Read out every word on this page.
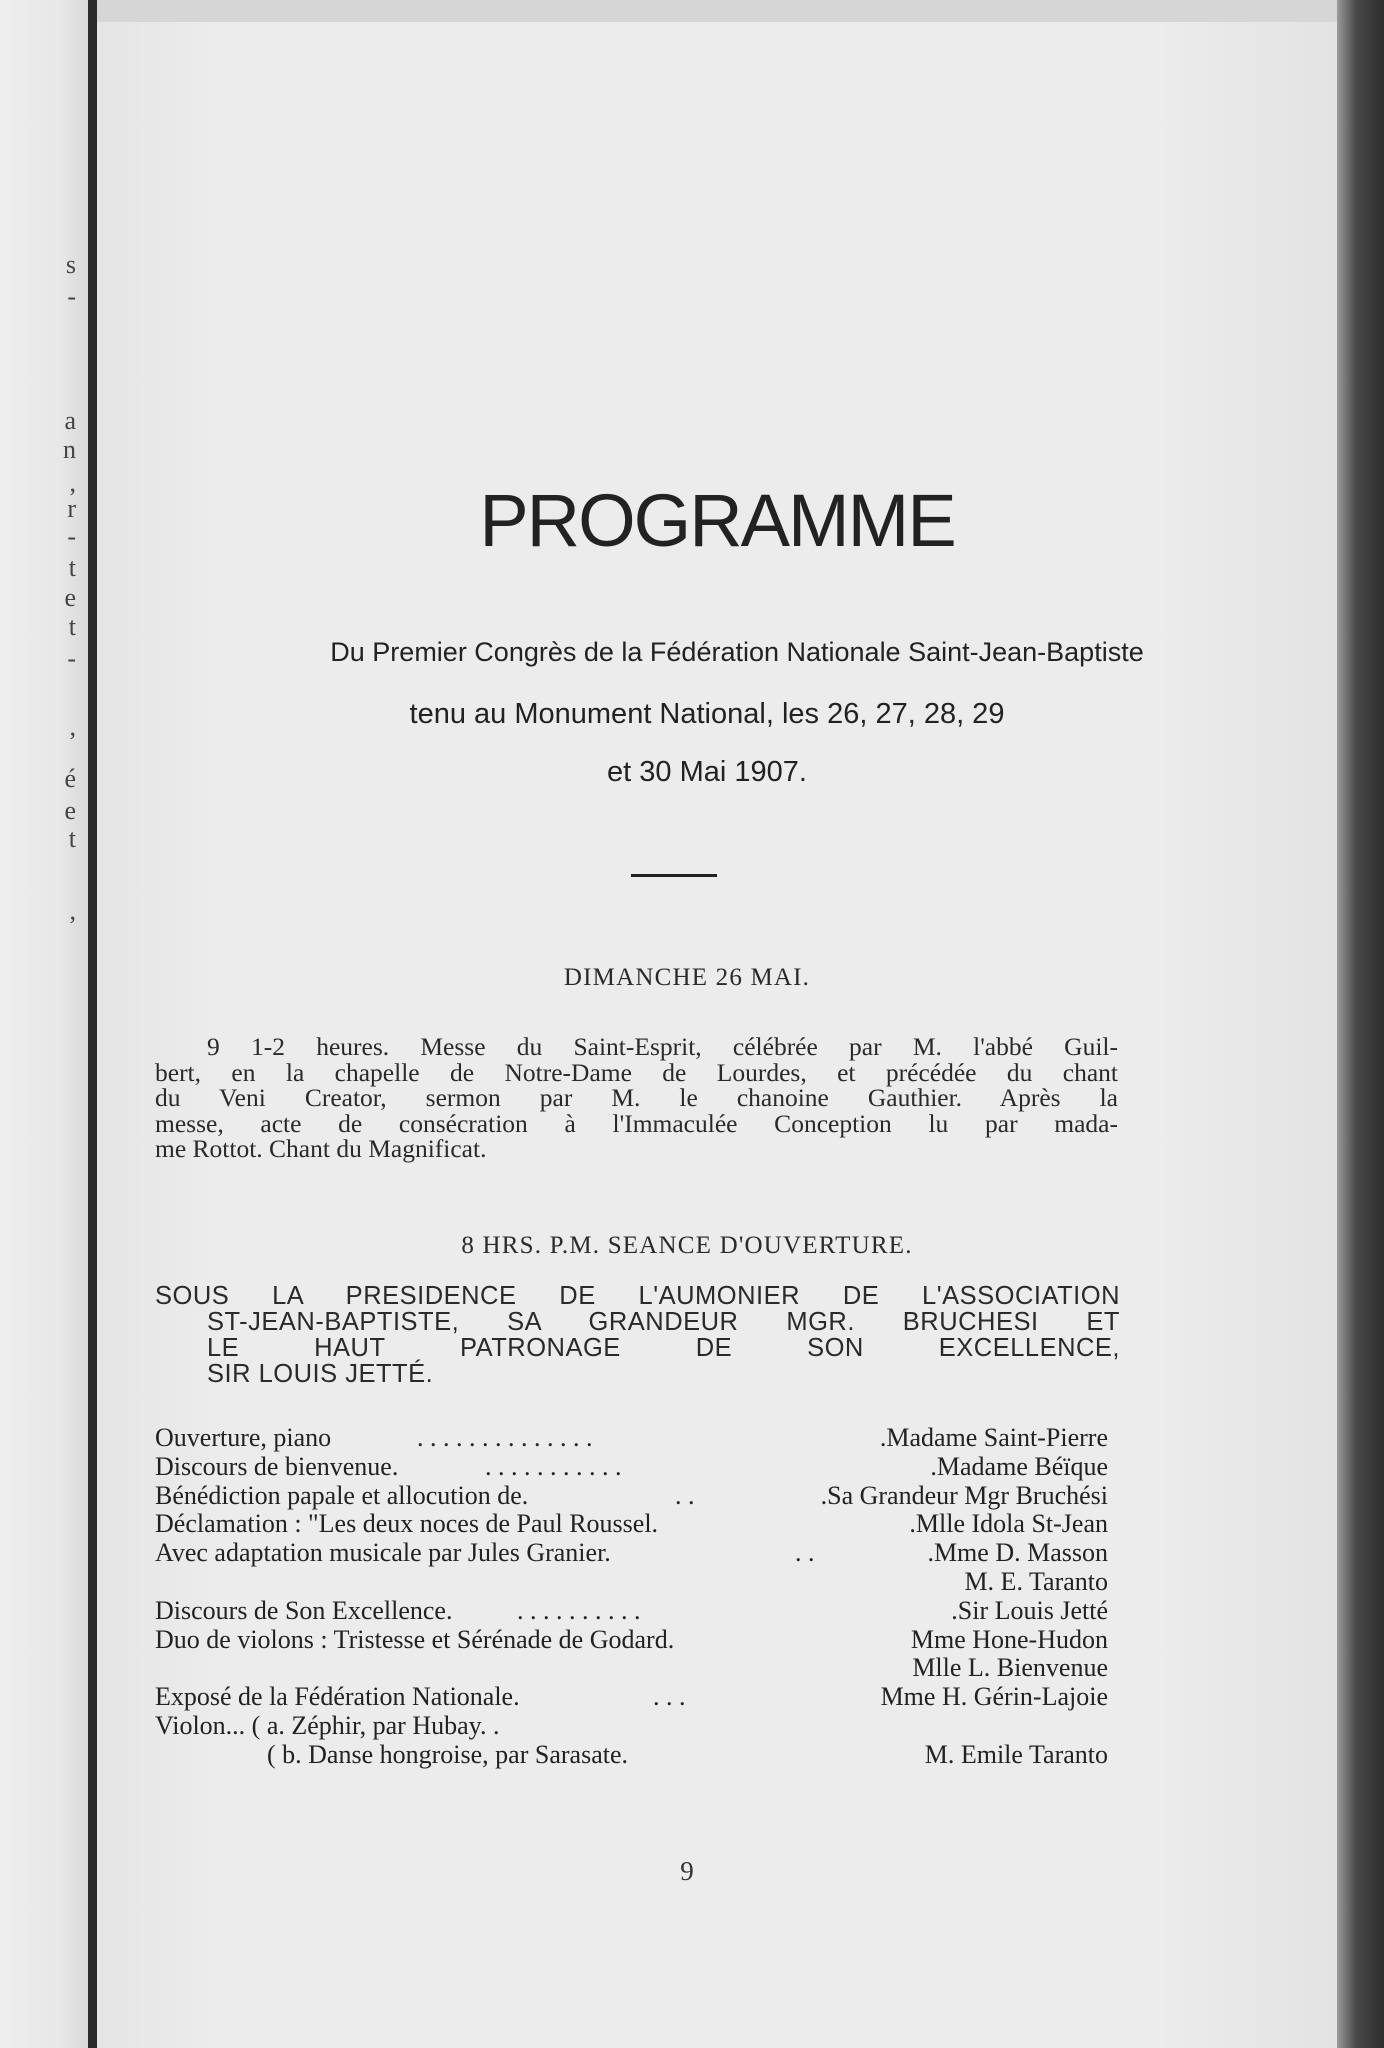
s
-
a
n
,
r
-
t
e
t
-
,
é
e
t
,
PROGRAMME
Du Premier Congrès de la Fédération Nationale Saint-Jean-Baptiste
tenu au Monument National, les 26, 27, 28, 29
et 30 Mai 1907.
DIMANCHE 26 MAI.
9 1-2 heures. Messe du Saint-Esprit, célébrée par M. l'abbé Guil-
bert, en la chapelle de Notre-Dame de Lourdes, et précédée du chant
du Veni Creator, sermon par M. le chanoine Gauthier. Après la
messe, acte de consécration à l'Immaculée Conception lu par mada-
me Rottot. Chant du Magnificat.
8 HRS. P.M. SEANCE D'OUVERTURE.
SOUS LA PRESIDENCE DE L'AUMONIER DE L'ASSOCIATION
ST-JEAN-BAPTISTE, SA GRANDEUR MGR. BRUCHESI ET
LE HAUT PATRONAGE DE SON EXCELLENCE,
SIR LOUIS JETTÉ.
Ouverture, piano	. . . . . . . . . . . . . .	.Madame Saint-Pierre
Discours de bienvenue.	. . . . . . . . . . .	.Madame Béïque
Bénédiction papale et allocution de.	. .	.Sa Grandeur Mgr Bruchési
Déclamation : "Les deux noces de Paul Roussel.	.Mlle Idola St-Jean
Avec adaptation musicale par Jules Granier.	. .	.Mme D. Masson
M. E. Taranto
Discours de Son Excellence. . . . . . . . . . .	.Sir Louis Jetté
Duo de violons : Tristesse et Sérénade de Godard.	Mme Hone-Hudon
Mlle L. Bienvenue
Exposé de la Fédération Nationale.	. . .	Mme H. Gérin-Lajoie
Violon... ( a. Zéphir, par Hubay. .
( b. Danse hongroise, par Sarasate.	M. Emile Taranto
9
